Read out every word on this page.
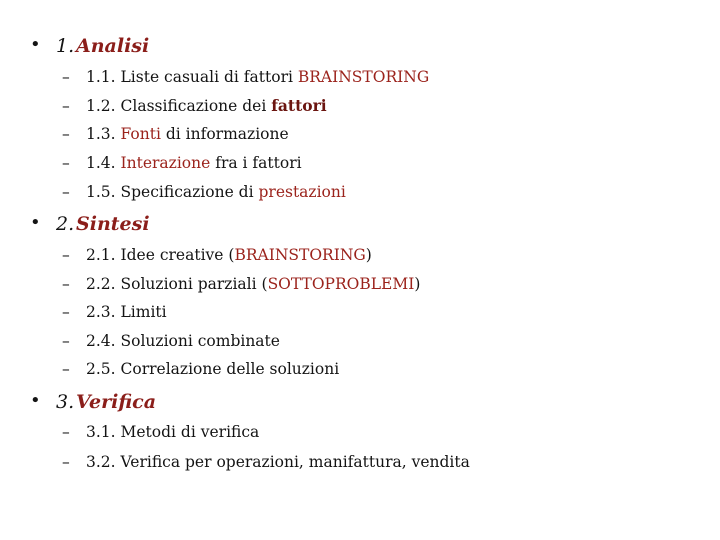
• 1. Analisi
– 1.1. Liste casuali di fattori BRAINSTORING
– 1.2. Classificazione dei fattori
– 1.3. Fonti di informazione
– 1.4. Interazione fra i fattori
– 1.5. Specificazione di prestazioni
• 2. Sintesi
– 2.1. Idee creative (BRAINSTORING)
– 2.2. Soluzioni parziali (SOTTOPROBLEMI)
– 2.3. Limiti
– 2.4. Soluzioni combinate
– 2.5. Correlazione delle soluzioni
• 3. Verifica
– 3.1. Metodi di verifica
– 3.2. Verifica per operazioni, manifattura, vendita
